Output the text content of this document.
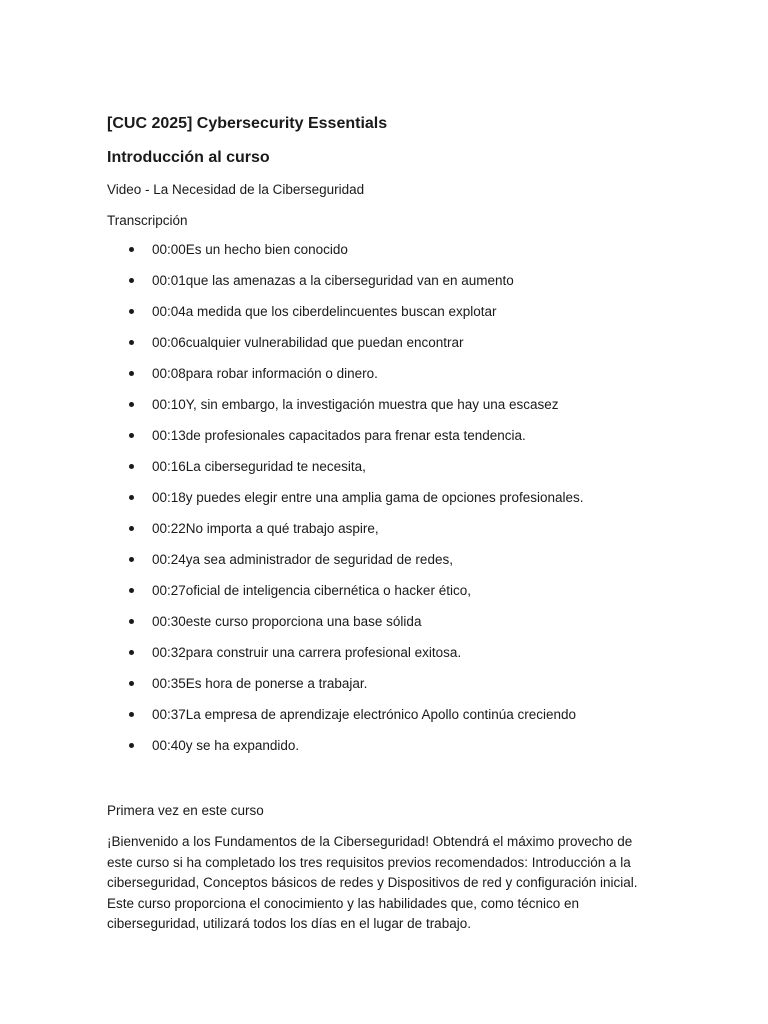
[CUC 2025] Cybersecurity Essentials
Introducción al curso

Video - La Necesidad de la Ciberseguridad

Transcripción

00:00Es un hecho bien conocido
00:01que las amenazas a la ciberseguridad van en aumento
00:04a medida que los ciberdelincuentes buscan explotar
00:06cualquier vulnerabilidad que puedan encontrar
00:08para robar información o dinero.
00:10Y, sin embargo, la investigación muestra que hay una escasez
00:13de profesionales capacitados para frenar esta tendencia.
00:16La ciberseguridad te necesita,
00:18y puedes elegir entre una amplia gama de opciones profesionales.
00:22No importa a qué trabajo aspire,
00:24ya sea administrador de seguridad de redes,
00:27oficial de inteligencia cibernética o hacker ético,
00:30este curso proporciona una base sólida
00:32para construir una carrera profesional exitosa.
00:35Es hora de ponerse a trabajar.
00:37La empresa de aprendizaje electrónico Apollo continúa creciendo
00:40y se ha expandido.

Primera vez en este curso

¡Bienvenido a los Fundamentos de la Ciberseguridad! Obtendrá el máximo provecho de
este curso si ha completado los tres requisitos previos recomendados: Introducción a la
ciberseguridad, Conceptos básicos de redes y Dispositivos de red y configuración inicial.
Este curso proporciona el conocimiento y las habilidades que, como técnico en
ciberseguridad, utilizará todos los días en el lugar de trabajo.
